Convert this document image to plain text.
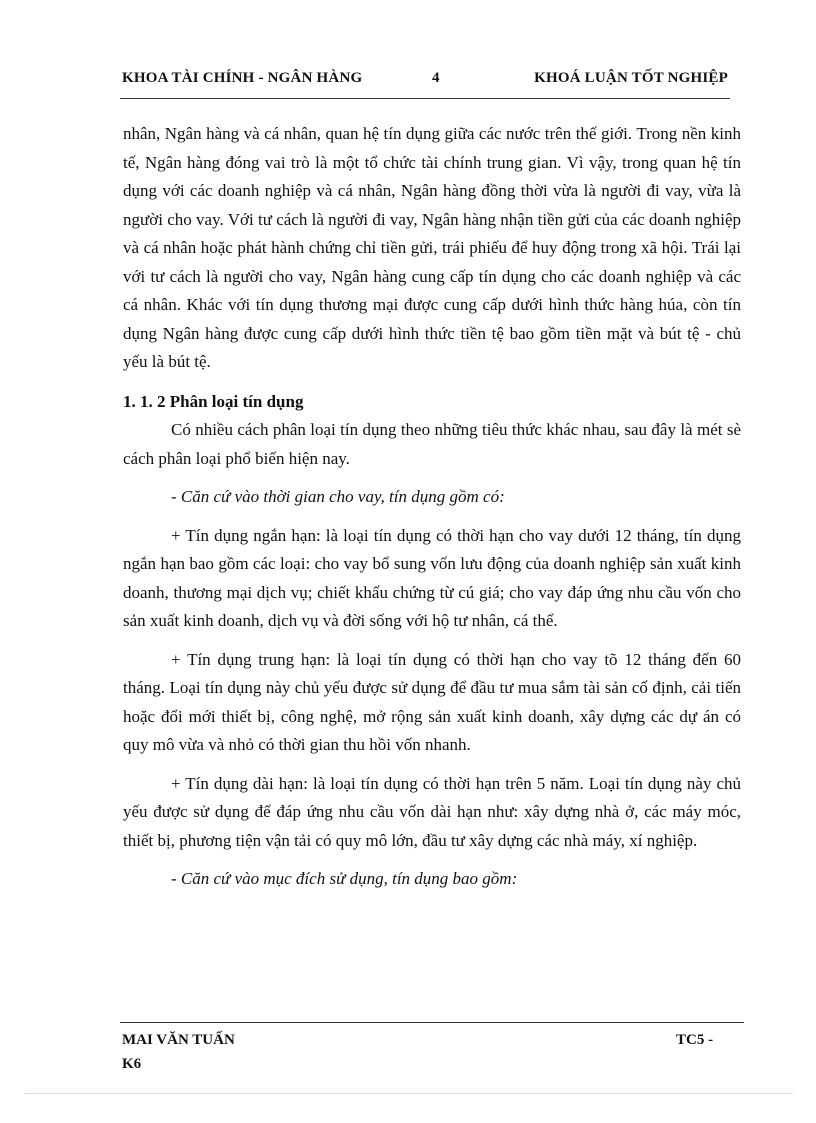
KHOA TÀI CHÍNH - NGÂN HÀNG	4	KHOÁ LUẬN TỐT NGHIỆP

nhân, Ngân hàng và cá nhân, quan hệ tín dụng giữa các nước trên thế giới. Trong nền kinh tế, Ngân hàng đóng vai trò là một tổ chức tài chính trung gian. Vì vậy, trong quan hệ tín dụng với các doanh nghiệp và cá nhân, Ngân hàng đồng thời vừa là người đi vay, vừa là người cho vay. Với tư cách là người đi vay, Ngân hàng nhận tiền gửi của các doanh nghiệp và cá nhân hoặc phát hành chứng chỉ tiền gửi, trái phiếu để huy động trong xã hội. Trái lại với tư cách là người cho vay, Ngân hàng cung cấp tín dụng cho các doanh nghiệp và các cá nhân. Khác với tín dụng thương mại được cung cấp dưới hình thức hàng húa, còn tín dụng Ngân hàng được cung cấp dưới hình thức tiền tệ bao gồm tiền mặt và bút tệ - chủ yếu là bút tệ.

1. 1. 2 Phân loại tín dụng

Có nhiều cách phân loại tín dụng theo những tiêu thức khác nhau, sau đây là mét sè cách phân loại phổ biến hiện nay.

- Căn cứ vào thời gian cho vay, tín dụng gồm có:

+ Tín dụng ngắn hạn: là loại tín dụng có thời hạn cho vay dưới 12 tháng, tín dụng ngắn hạn bao gồm các loại: cho vay bổ sung vốn lưu động của doanh nghiệp sản xuất kinh doanh, thương mại dịch vụ; chiết khấu chứng từ cú giá; cho vay đáp ứng nhu cầu vốn cho sản xuất kinh doanh, dịch vụ và đời sống với hộ tư nhân, cá thể.

+ Tín dụng trung hạn: là loại tín dụng có thời hạn cho vay tõ 12 tháng đến 60 tháng. Loại tín dụng này chủ yếu được sử dụng để đầu tư mua sắm tài sản cố định, cải tiến hoặc đổi mới thiết bị, công nghệ, mở rộng sản xuất kinh doanh, xây dựng các dự án có quy mô vừa và nhỏ có thời gian thu hồi vốn nhanh.

+ Tín dụng dài hạn: là loại tín dụng có thời hạn trên 5 năm. Loại tín dụng này chủ yếu được sử dụng để đáp ứng nhu cầu vốn dài hạn như: xây dựng nhà ở, các máy móc, thiết bị, phương tiện vận tải có quy mô lớn, đầu tư xây dựng các nhà máy, xí nghiệp.

- Căn cứ vào mục đích sử dụng, tín dụng bao gồm:

MAI VĂN TUẤN	TC5 -
K6
